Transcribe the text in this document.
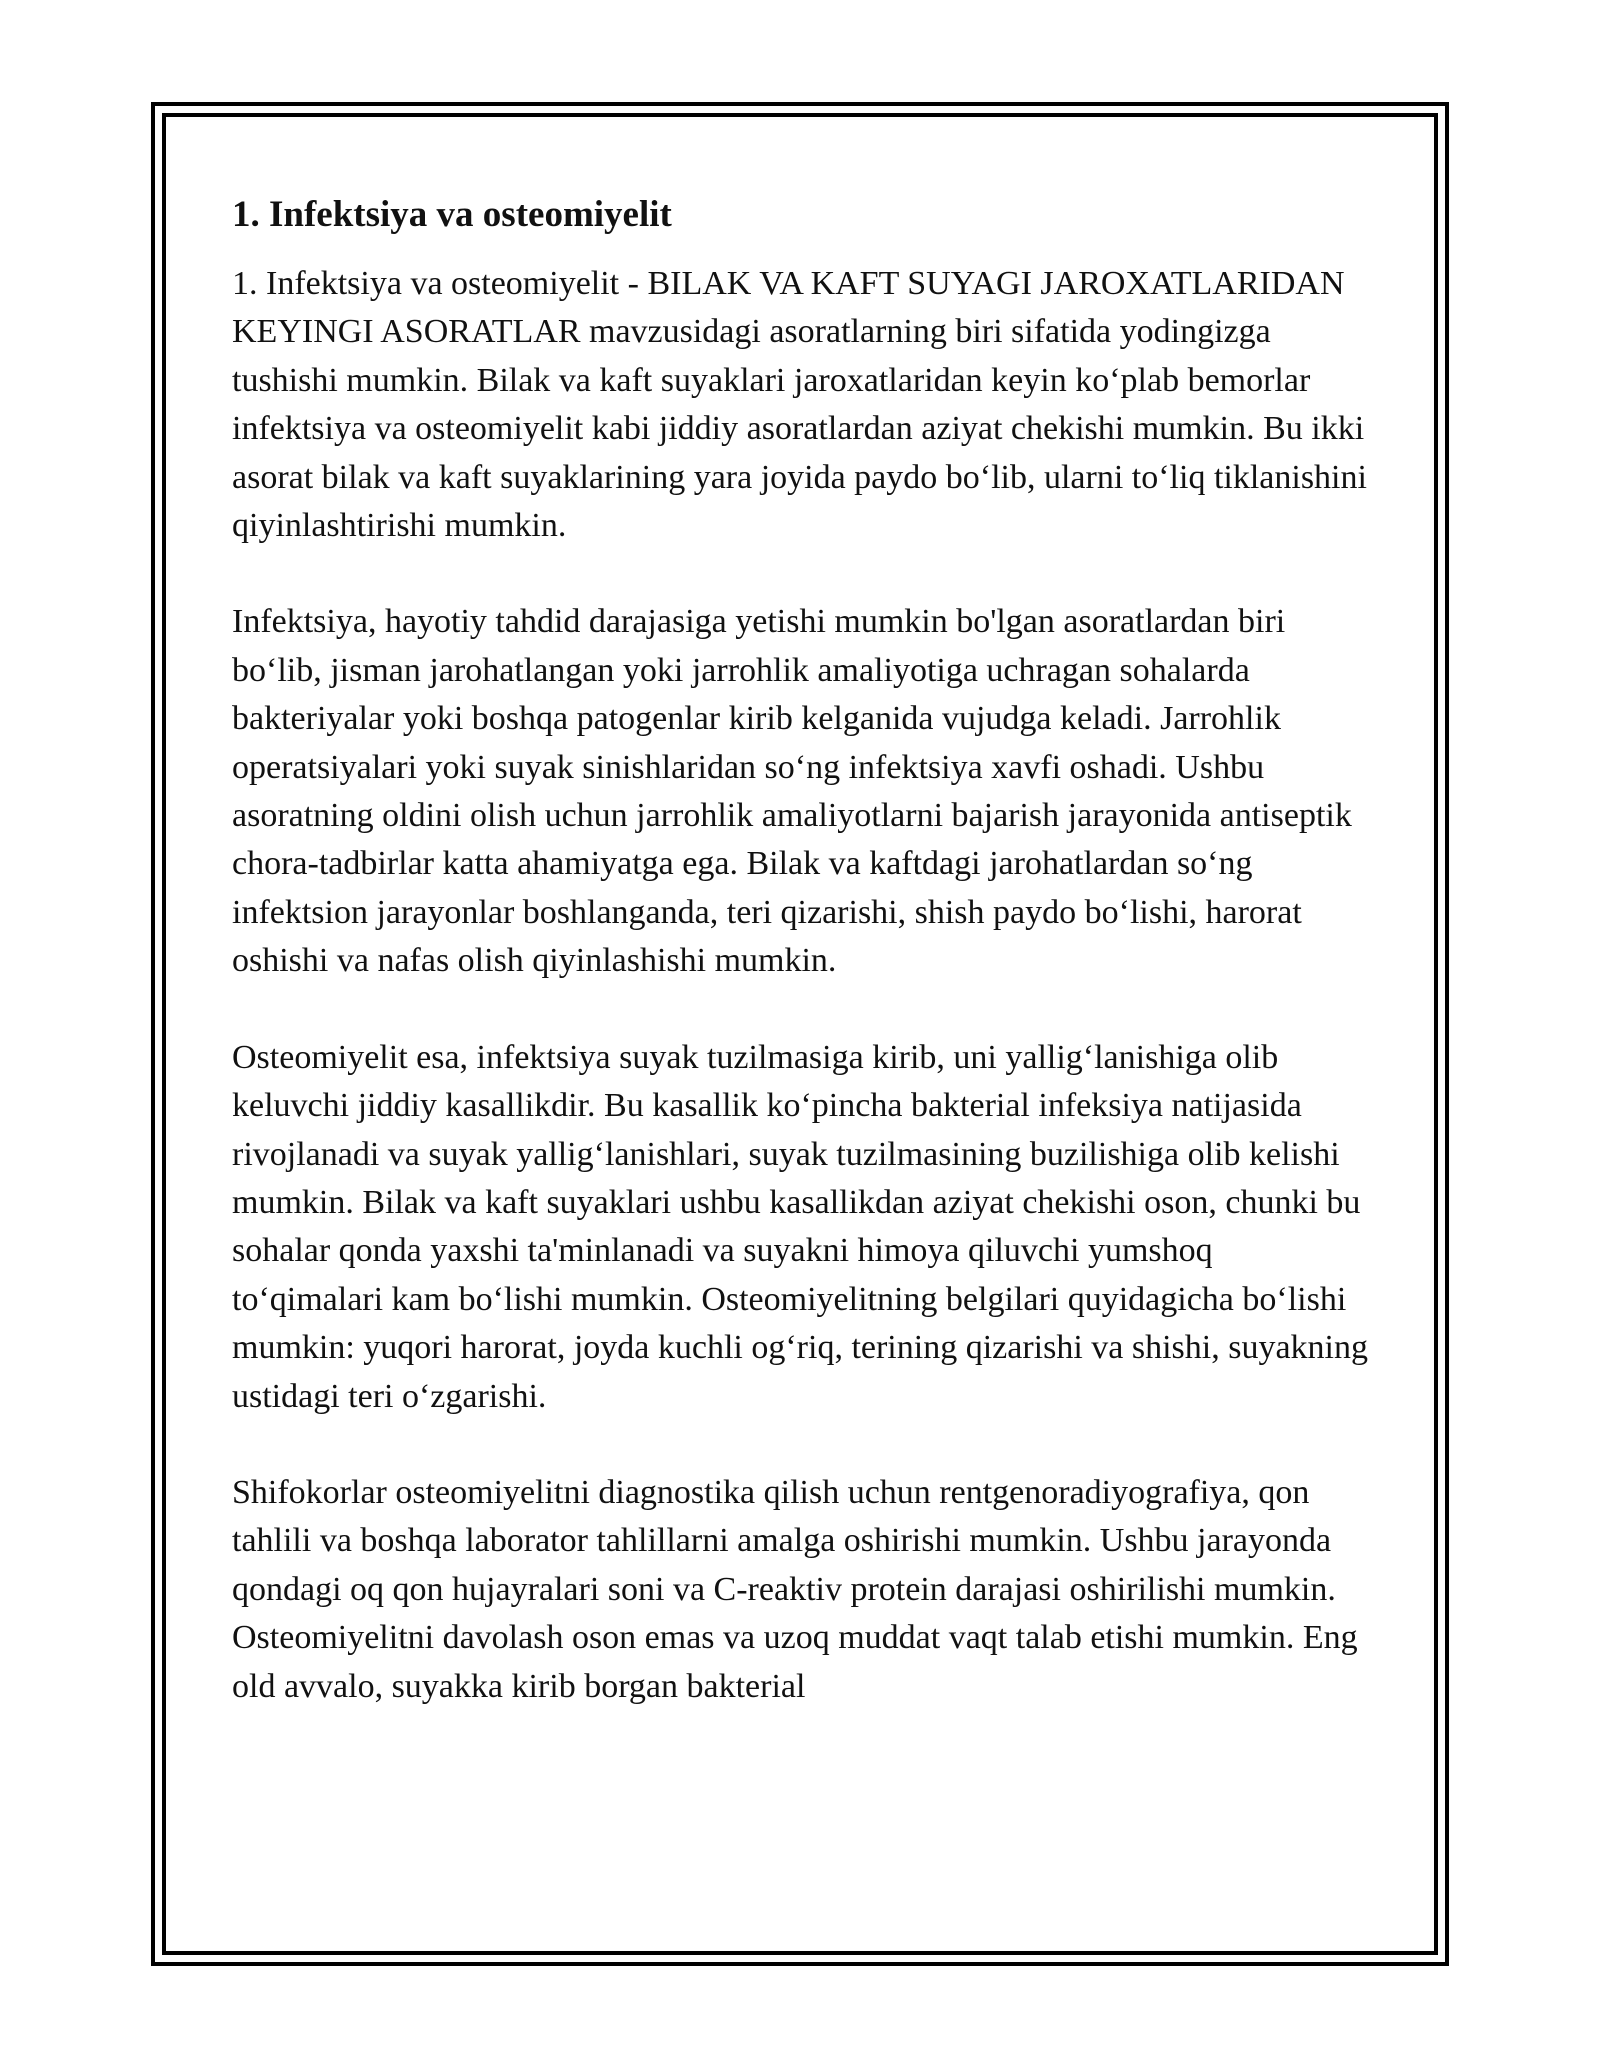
1. Infektsiya va osteomiyelit

1. Infektsiya va osteomiyelit - BILAK VA KAFT SUYAGI JAROXATLARIDAN KEYINGI ASORATLAR mavzusidagi asoratlarning biri sifatida yodingizga tushishi mumkin. Bilak va kaft suyaklari jaroxatlaridan keyin ko‘plab bemorlar infektsiya va osteomiyelit kabi jiddiy asoratlardan aziyat chekishi mumkin. Bu ikki asorat bilak va kaft suyaklarining yara joyida paydo bo‘lib, ularni to‘liq tiklanishini qiyinlashtirishi mumkin.

Infektsiya, hayotiy tahdid darajasiga yetishi mumkin bo'lgan asoratlardan biri bo‘lib, jisman jarohatlangan yoki jarrohlik amaliyotiga uchragan sohalarda bakteriyalar yoki boshqa patogenlar kirib kelganida vujudga keladi. Jarrohlik operatsiyalari yoki suyak sinishlaridan so‘ng infektsiya xavfi oshadi. Ushbu asoratning oldini olish uchun jarrohlik amaliyotlarni bajarish jarayonida antiseptik chora-tadbirlar katta ahamiyatga ega. Bilak va kaftdagi jarohatlardan so‘ng infektsion jarayonlar boshlanganda, teri qizarishi, shish paydo bo‘lishi, harorat oshishi va nafas olish qiyinlashishi mumkin.

Osteomiyelit esa, infektsiya suyak tuzilmasiga kirib, uni yallig‘lanishiga olib keluvchi jiddiy kasallikdir. Bu kasallik ko‘pincha bakterial infeksiya natijasida rivojlanadi va suyak yallig‘lanishlari, suyak tuzilmasining buzilishiga olib kelishi mumkin. Bilak va kaft suyaklari ushbu kasallikdan aziyat chekishi oson, chunki bu sohalar qonda yaxshi ta'minlanadi va suyakni himoya qiluvchi yumshoq to‘qimalari kam bo‘lishi mumkin. Osteomiyelitning belgilari quyidagicha bo‘lishi mumkin: yuqori harorat, joyda kuchli og‘riq, terining qizarishi va shishi, suyakning ustidagi teri o‘zgarishi.

Shifokorlar osteomiyelitni diagnostika qilish uchun rentgenoradiyografiya, qon tahlili va boshqa laborator tahlillarni amalga oshirishi mumkin. Ushbu jarayonda qondagi oq qon hujayralari soni va C-reaktiv protein darajasi oshirilishi mumkin. Osteomiyelitni davolash oson emas va uzoq muddat vaqt talab etishi mumkin. Eng old avvalo, suyakka kirib borgan bakterial
